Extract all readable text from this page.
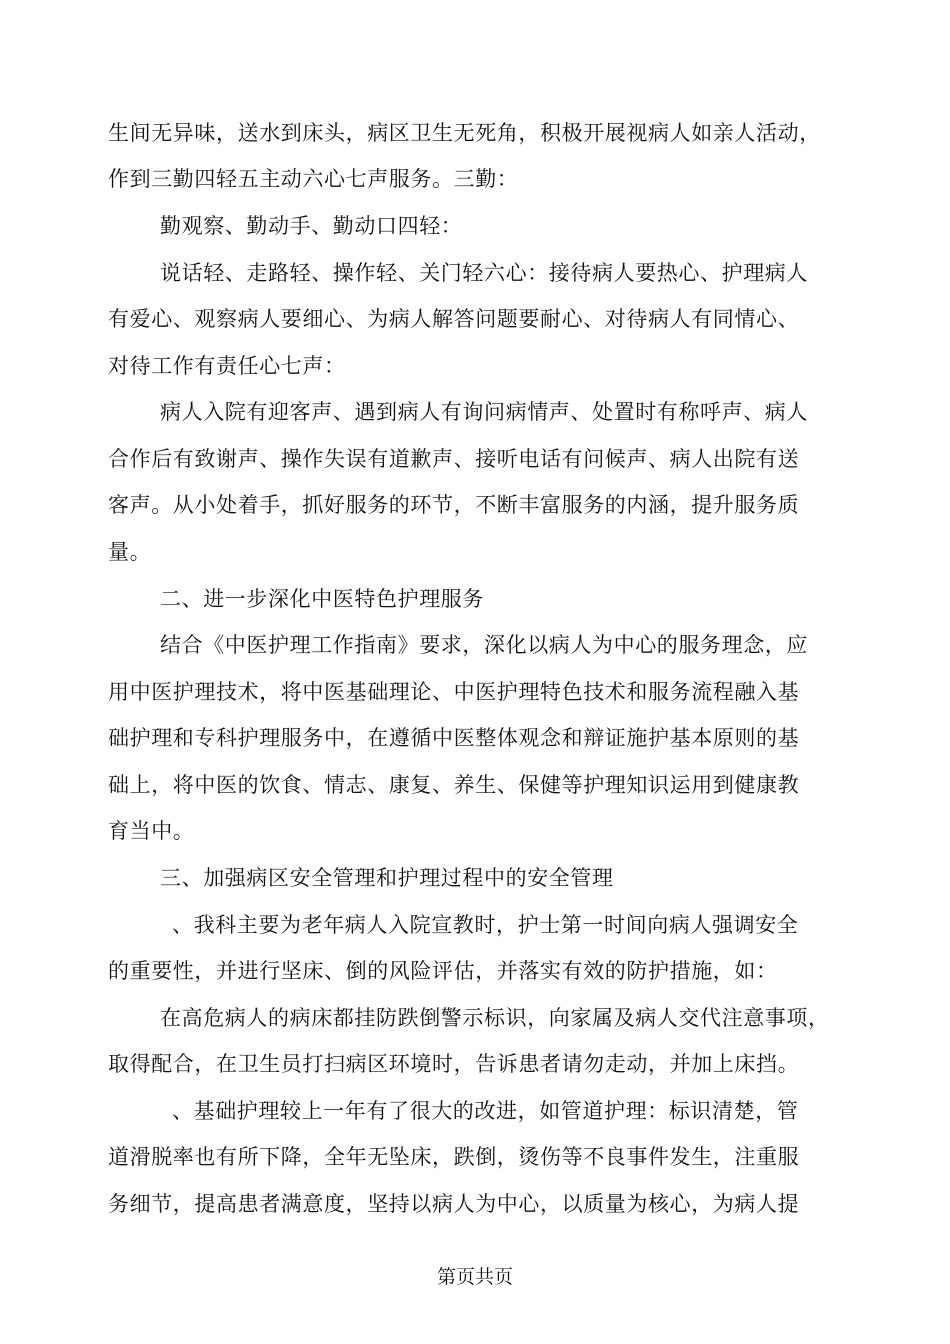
生间无异味，送水到床头，病区卫生无死角，积极开展视病人如亲人活动，
作到三勤四轻五主动六心七声服务。三勤：
勤观察、勤动手、勤动口四轻：
说话轻、走路轻、操作轻、关门轻六心：接待病人要热心、护理病人
有爱心、观察病人要细心、为病人解答问题要耐心、对待病人有同情心、
对待工作有责任心七声：
病人入院有迎客声、遇到病人有询问病情声、处置时有称呼声、病人
合作后有致谢声、操作失误有道歉声、接听电话有问候声、病人出院有送
客声。从小处着手，抓好服务的环节，不断丰富服务的内涵，提升服务质
量。
二、进一步深化中医特色护理服务
结合《中医护理工作指南》要求，深化以病人为中心的服务理念，应
用中医护理技术，将中医基础理论、中医护理特色技术和服务流程融入基
础护理和专科护理服务中，在遵循中医整体观念和辩证施护基本原则的基
础上，将中医的饮食、情志、康复、养生、保健等护理知识运用到健康教
育当中。
三、加强病区安全管理和护理过程中的安全管理
、我科主要为老年病人入院宣教时，护士第一时间向病人强调安全
的重要性，并进行坚床、倒的风险评估，并落实有效的防护措施，如：
在高危病人的病床都挂防跌倒警示标识，向家属及病人交代注意事项，
取得配合，在卫生员打扫病区环境时，告诉患者请勿走动，并加上床挡。
、基础护理较上一年有了很大的改进，如管道护理：标识清楚，管
道滑脱率也有所下降，全年无坠床，跌倒，烫伤等不良事件发生，注重服
务细节，提高患者满意度，坚持以病人为中心，以质量为核心，为病人提
第页共页
